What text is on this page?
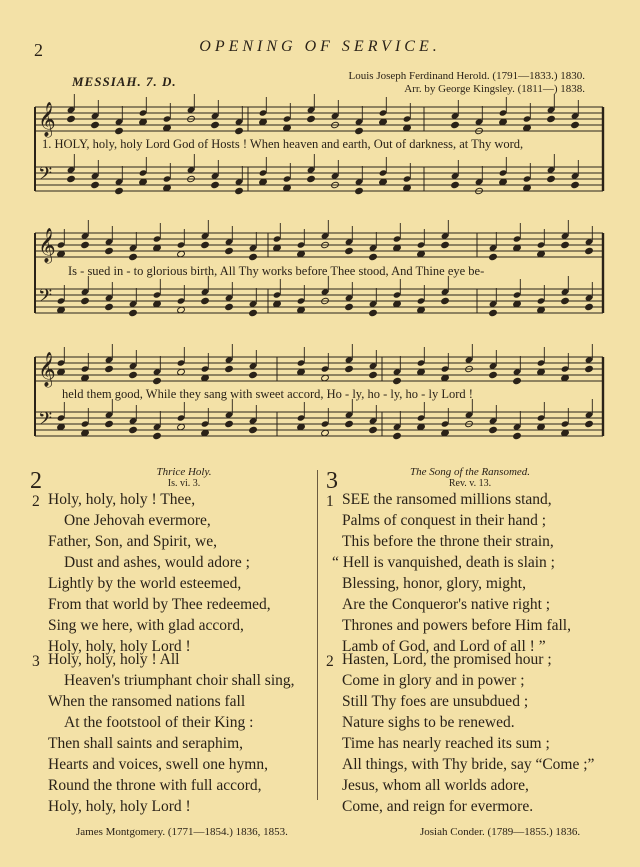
2	OPENING OF SERVICE.
MESSIAH. 7. D.	Louis Joseph Ferdinand Herold. (1791—1833.) 1830.
Arr. by George Kingsley. (1811—) 1838.
𝄞
𝄢
𝄞
𝄢
𝄞
𝄢
1. HOLY, holy, holy Lord God of Hosts ! When heaven and earth, Out of darkness, at Thy word,
Is - sued in - to glorious birth, All Thy works before Thee stood, And Thine eye be-
held them good, While they sang with sweet accord, Ho - ly, ho - ly, ho - ly Lord !
2	Thrice Holy.
Is. vi. 3.
2 Holy, holy, holy ! Thee,
One Jehovah evermore,
Father, Son, and Spirit, we,
Dust and ashes, would adore ;
Lightly by the world esteemed,
From that world by Thee redeemed,
Sing we here, with glad accord,
Holy, holy, holy Lord !
3 Holy, holy, holy ! All
Heaven's triumphant choir shall sing,
When the ransomed nations fall
At the footstool of their King :
Then shall saints and seraphim,
Hearts and voices, swell one hymn,
Round the throne with full accord,
Holy, holy, holy Lord !
James Montgomery. (1771—1854.) 1836, 1853.
3	The Song of the Ransomed.
Rev. v. 13.
1 SEE the ransomed millions stand,
Palms of conquest in their hand ;
This before the throne their strain,
“ Hell is vanquished, death is slain ;
Blessing, honor, glory, might,
Are the Conqueror's native right ;
Thrones and powers before Him fall,
Lamb of God, and Lord of all ! ”
2 Hasten, Lord, the promised hour ;
Come in glory and in power ;
Still Thy foes are unsubdued ;
Nature sighs to be renewed.
Time has nearly reached its sum ;
All things, with Thy bride, say “Come ;”
Jesus, whom all worlds adore,
Come, and reign for evermore.
Josiah Conder. (1789—1855.) 1836.
